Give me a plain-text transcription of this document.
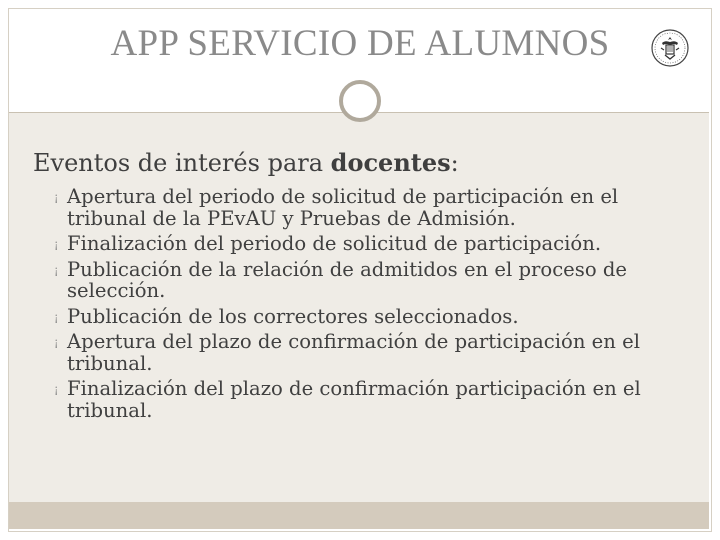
APP SERVICIO DE ALUMNOS
Eventos de interés para docentes:
¡ Apertura del periodo de solicitud de participación en el tribunal de la PEvAU y Pruebas de Admisión.
¡ Finalización del periodo de solicitud de participación.
¡ Publicación de la relación de admitidos en el proceso de selección.
¡ Publicación de los correctores seleccionados.
¡ Apertura del plazo de confirmación de participación en el tribunal.
¡ Finalización del plazo de confirmación participación en el tribunal.
